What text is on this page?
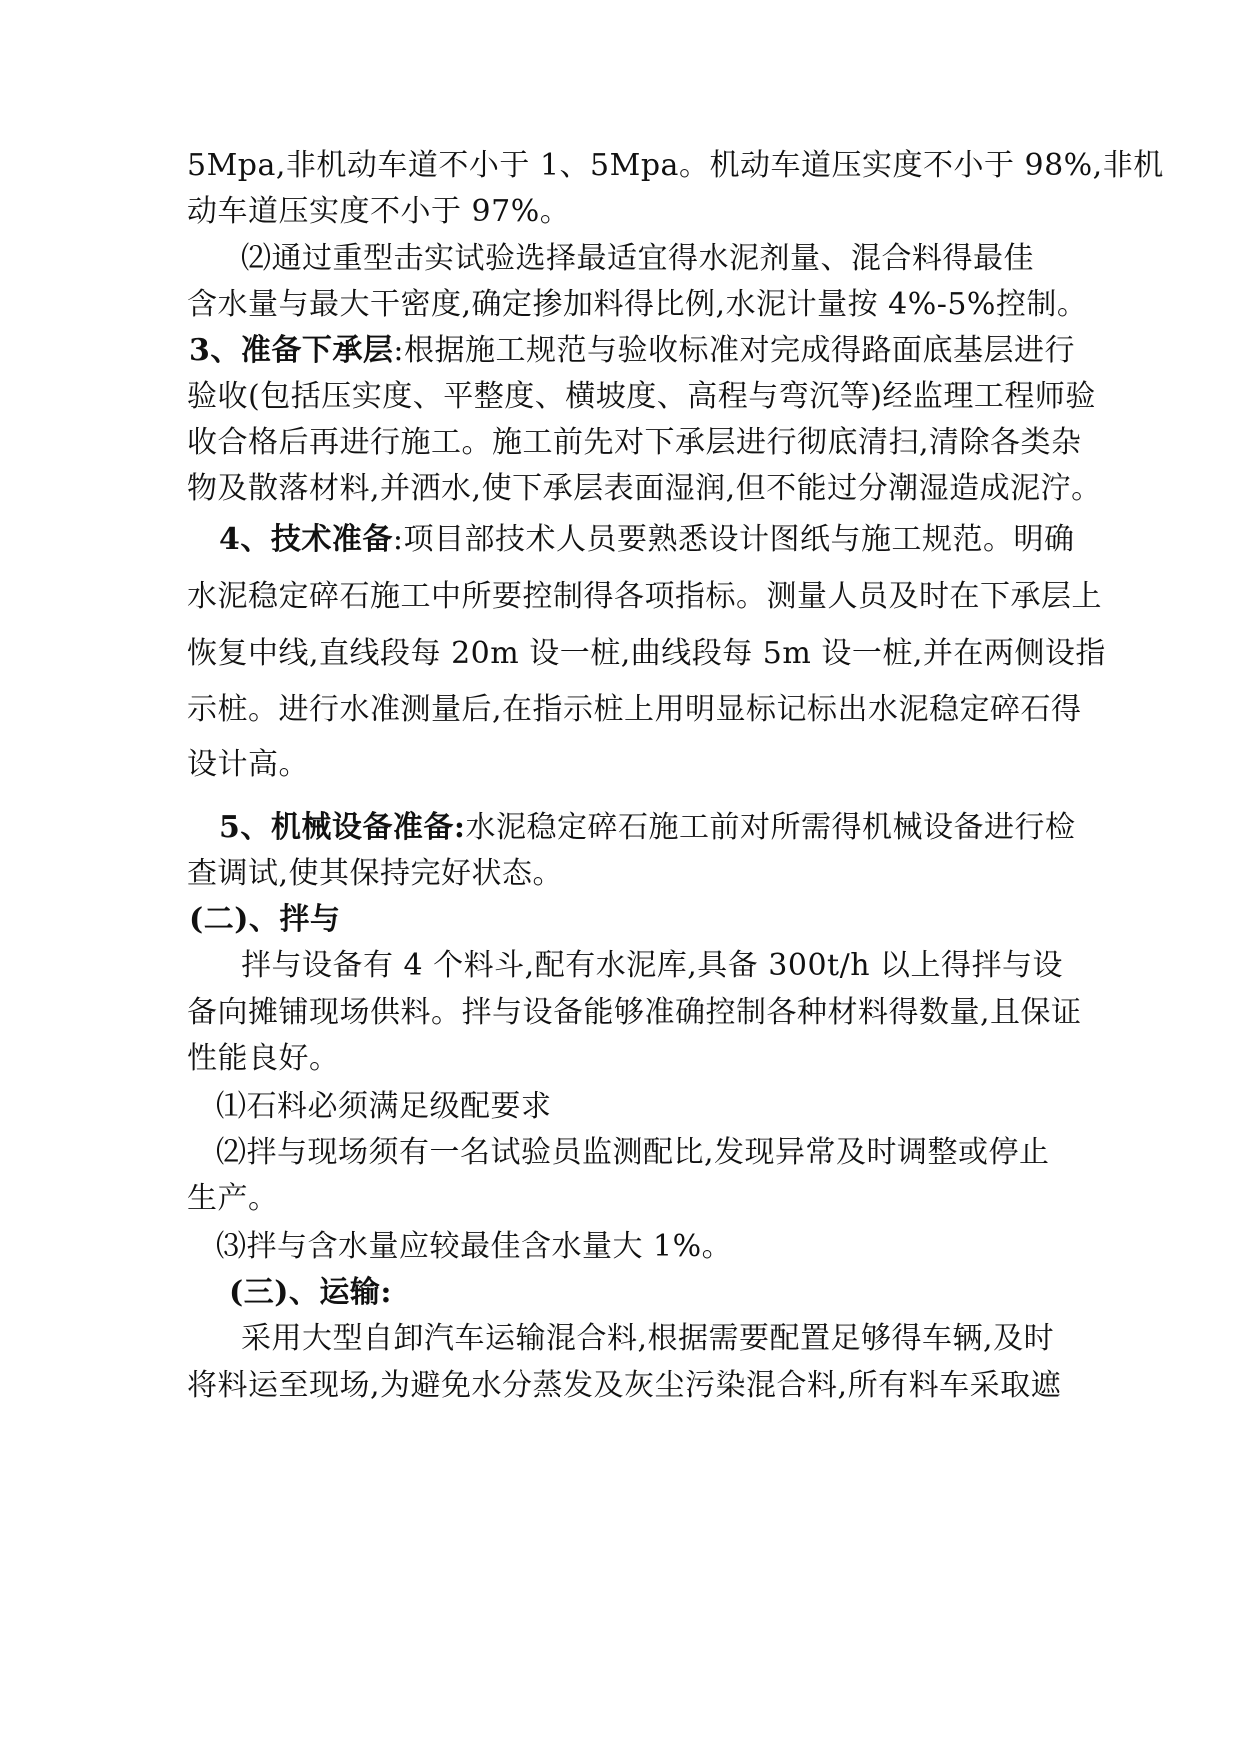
5Mpa,非机动车道不小于 1、5Mpa。机动车道压实度不小于 98%,非机
动车道压实度不小于 97%。
⑵通过重型击实试验选择最适宜得水泥剂量、混合料得最佳
含水量与最大干密度,确定掺加料得比例,水泥计量按 4%-5%控制。
3、准备下承层:根据施工规范与验收标准对完成得路面底基层进行
验收(包括压实度、平整度、横坡度、高程与弯沉等)经监理工程师验
收合格后再进行施工。施工前先对下承层进行彻底清扫,清除各类杂
物及散落材料,并洒水,使下承层表面湿润,但不能过分潮湿造成泥泞。
4、技术准备:项目部技术人员要熟悉设计图纸与施工规范。明确
水泥稳定碎石施工中所要控制得各项指标。测量人员及时在下承层上
恢复中线,直线段每 20m 设一桩,曲线段每 5m 设一桩,并在两侧设指
示桩。进行水准测量后,在指示桩上用明显标记标出水泥稳定碎石得
设计高。
5、机械设备准备:水泥稳定碎石施工前对所需得机械设备进行检
查调试,使其保持完好状态。
(二)、拌与
拌与设备有 4 个料斗,配有水泥库,具备 300t/h 以上得拌与设
备向摊铺现场供料。拌与设备能够准确控制各种材料得数量,且保证
性能良好。
⑴石料必须满足级配要求
⑵拌与现场须有一名试验员监测配比,发现异常及时调整或停止
生产。
⑶拌与含水量应较最佳含水量大 1%。
(三)、运输:
采用大型自卸汽车运输混合料,根据需要配置足够得车辆,及时
将料运至现场,为避免水分蒸发及灰尘污染混合料,所有料车采取遮
